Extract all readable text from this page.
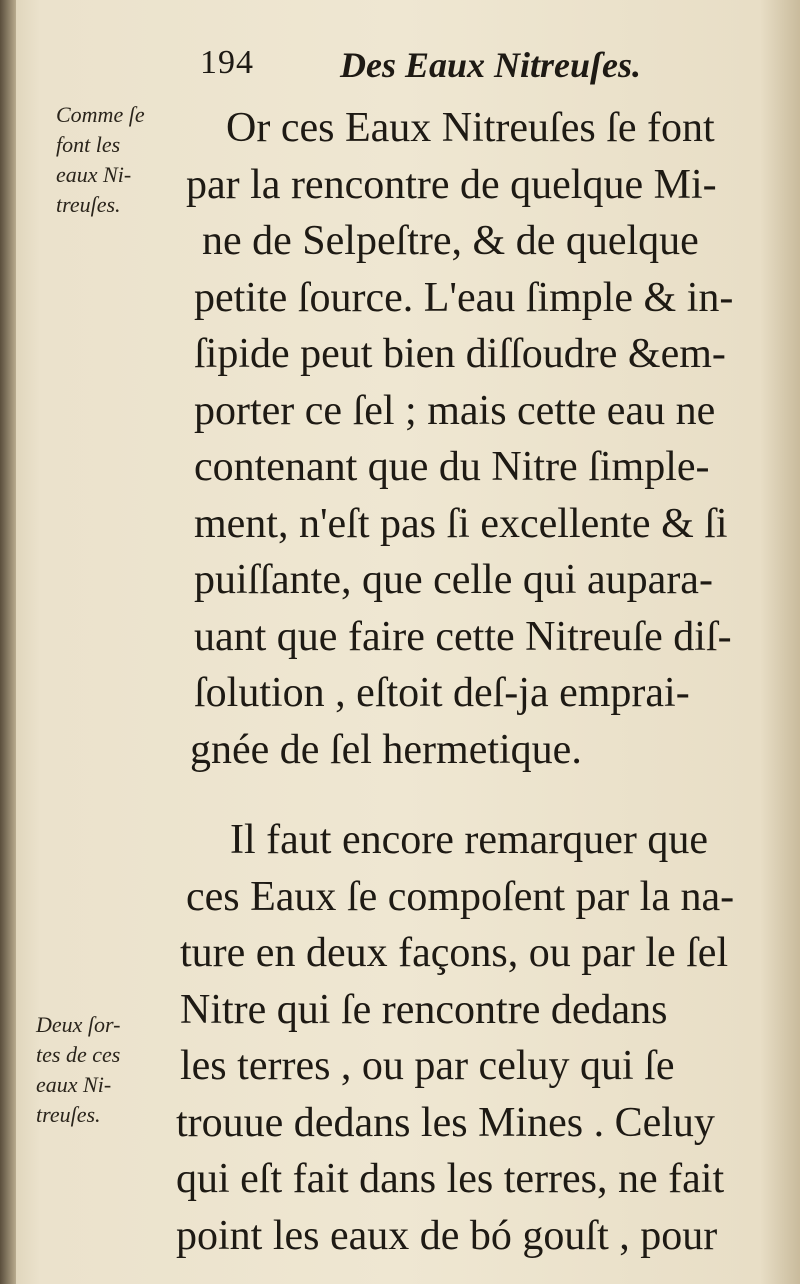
194 Des Eaux Nitreuſes.
Comme ſe
font les
eaux Ni-
treuſes.
Deux ſor-
tes de ces
eaux Ni-
treuſes.
Or ces Eaux Nitreuſes ſe font
par la rencontre de quelque Mi-
ne de Selpeſtre, & de quelque
petite ſource. L'eau ſimple & in-
ſipide peut bien diſſoudre &em-
porter ce ſel ; mais cette eau ne
contenant que du Nitre ſimple-
ment, n'eſt pas ſi excellente & ſi
puiſſante, que celle qui aupara-
uant que faire cette Nitreuſe diſ-
ſolution , eſtoit deſ-ja emprai-
gnée de ſel hermetique.
Il faut encore remarquer que
ces Eaux ſe compoſent par la na-
ture en deux façons, ou par le ſel
Nitre qui ſe rencontre dedans
les terres , ou par celuy qui ſe
trouue dedans les Mines . Celuy
qui eſt fait dans les terres, ne fait
point les eaux de bó gouſt , pour
